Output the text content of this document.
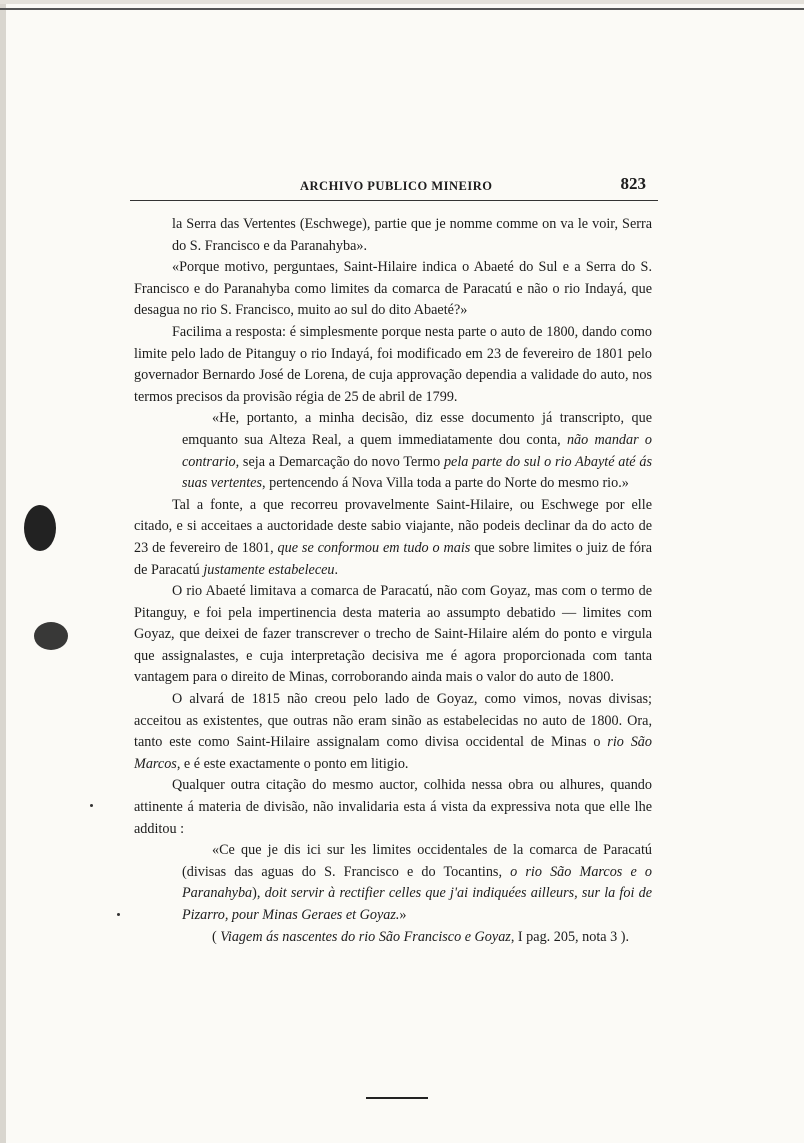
ARCHIVO PUBLICO MINEIRO	823

la Serra das Vertentes (Eschwege), partie que je nomme comme on va le voir, Serra do S. Francisco e da Paranahyba».

«Porque motivo, perguntaes, Saint-Hilaire indica o Abaeté do Sul e a Serra do S. Francisco e do Paranahyba como limites da comarca de Paracatú e não o rio Indayá, que desagua no rio S. Francisco, muito ao sul do dito Abaeté?»

Facilima a resposta: é simplesmente porque nesta parte o auto de 1800, dando como limite pelo lado de Pitanguy o rio Indayá, foi modificado em 23 de fevereiro de 1801 pelo governador Bernardo José de Lorena, de cuja approvação dependia a validade do auto, nos termos precisos da provisão régia de 25 de abril de 1799.

«He, portanto, a minha decisão, diz esse documento já transcripto, que emquanto sua Alteza Real, a quem immediatamente dou conta, não mandar o contrario, seja a Demarcação do novo Termo pela parte do sul o rio Abayté até ás suas vertentes, pertencendo á Nova Villa toda a parte do Norte do mesmo rio.»

Tal a fonte, a que recorreu provavelmente Saint-Hilaire, ou Eschwege por elle citado, e si acceitaes a auctoridade deste sabio viajante, não podeis declinar da do acto de 23 de fevereiro de 1801, que se conformou em tudo o mais que sobre limites o juiz de fóra de Paracatú justamente estabeleceu.

O rio Abaeté limitava a comarca de Paracatú, não com Goyaz, mas com o termo de Pitanguy, e foi pela impertinencia desta materia ao assumpto debatido — limites com Goyaz, que deixei de fazer transcrever o trecho de Saint-Hilaire além do ponto e virgula que assignalastes, e cuja interpretação decisiva me é agora proporcionada com tanta vantagem para o direito de Minas, corroborando ainda mais o valor do auto de 1800.

O alvará de 1815 não creou pelo lado de Goyaz, como vimos, novas divisas; acceitou as existentes, que outras não eram sinão as estabelecidas no auto de 1800. Ora, tanto este como Saint-Hilaire assignalam como divisa occidental de Minas o rio São Marcos, e é este exactamente o ponto em litigio.

Qualquer outra citação do mesmo auctor, colhida nessa obra ou alhures, quando attinente á materia de divisão, não invalidaria esta á vista da expressiva nota que elle lhe additou :

«Ce que je dis ici sur les limites occidentales de la comarca de Paracatú (divisas das aguas do S. Francisco e do Tocantins, o rio São Marcos e o Paranahyba), doit servir à rectifier celles que j'ai indiquées ailleurs, sur la foi de Pizarro, pour Minas Geraes et Goyaz.»

( Viagem ás nascentes do rio São Francisco e Goyaz, I pag. 205, nota 3 ).
